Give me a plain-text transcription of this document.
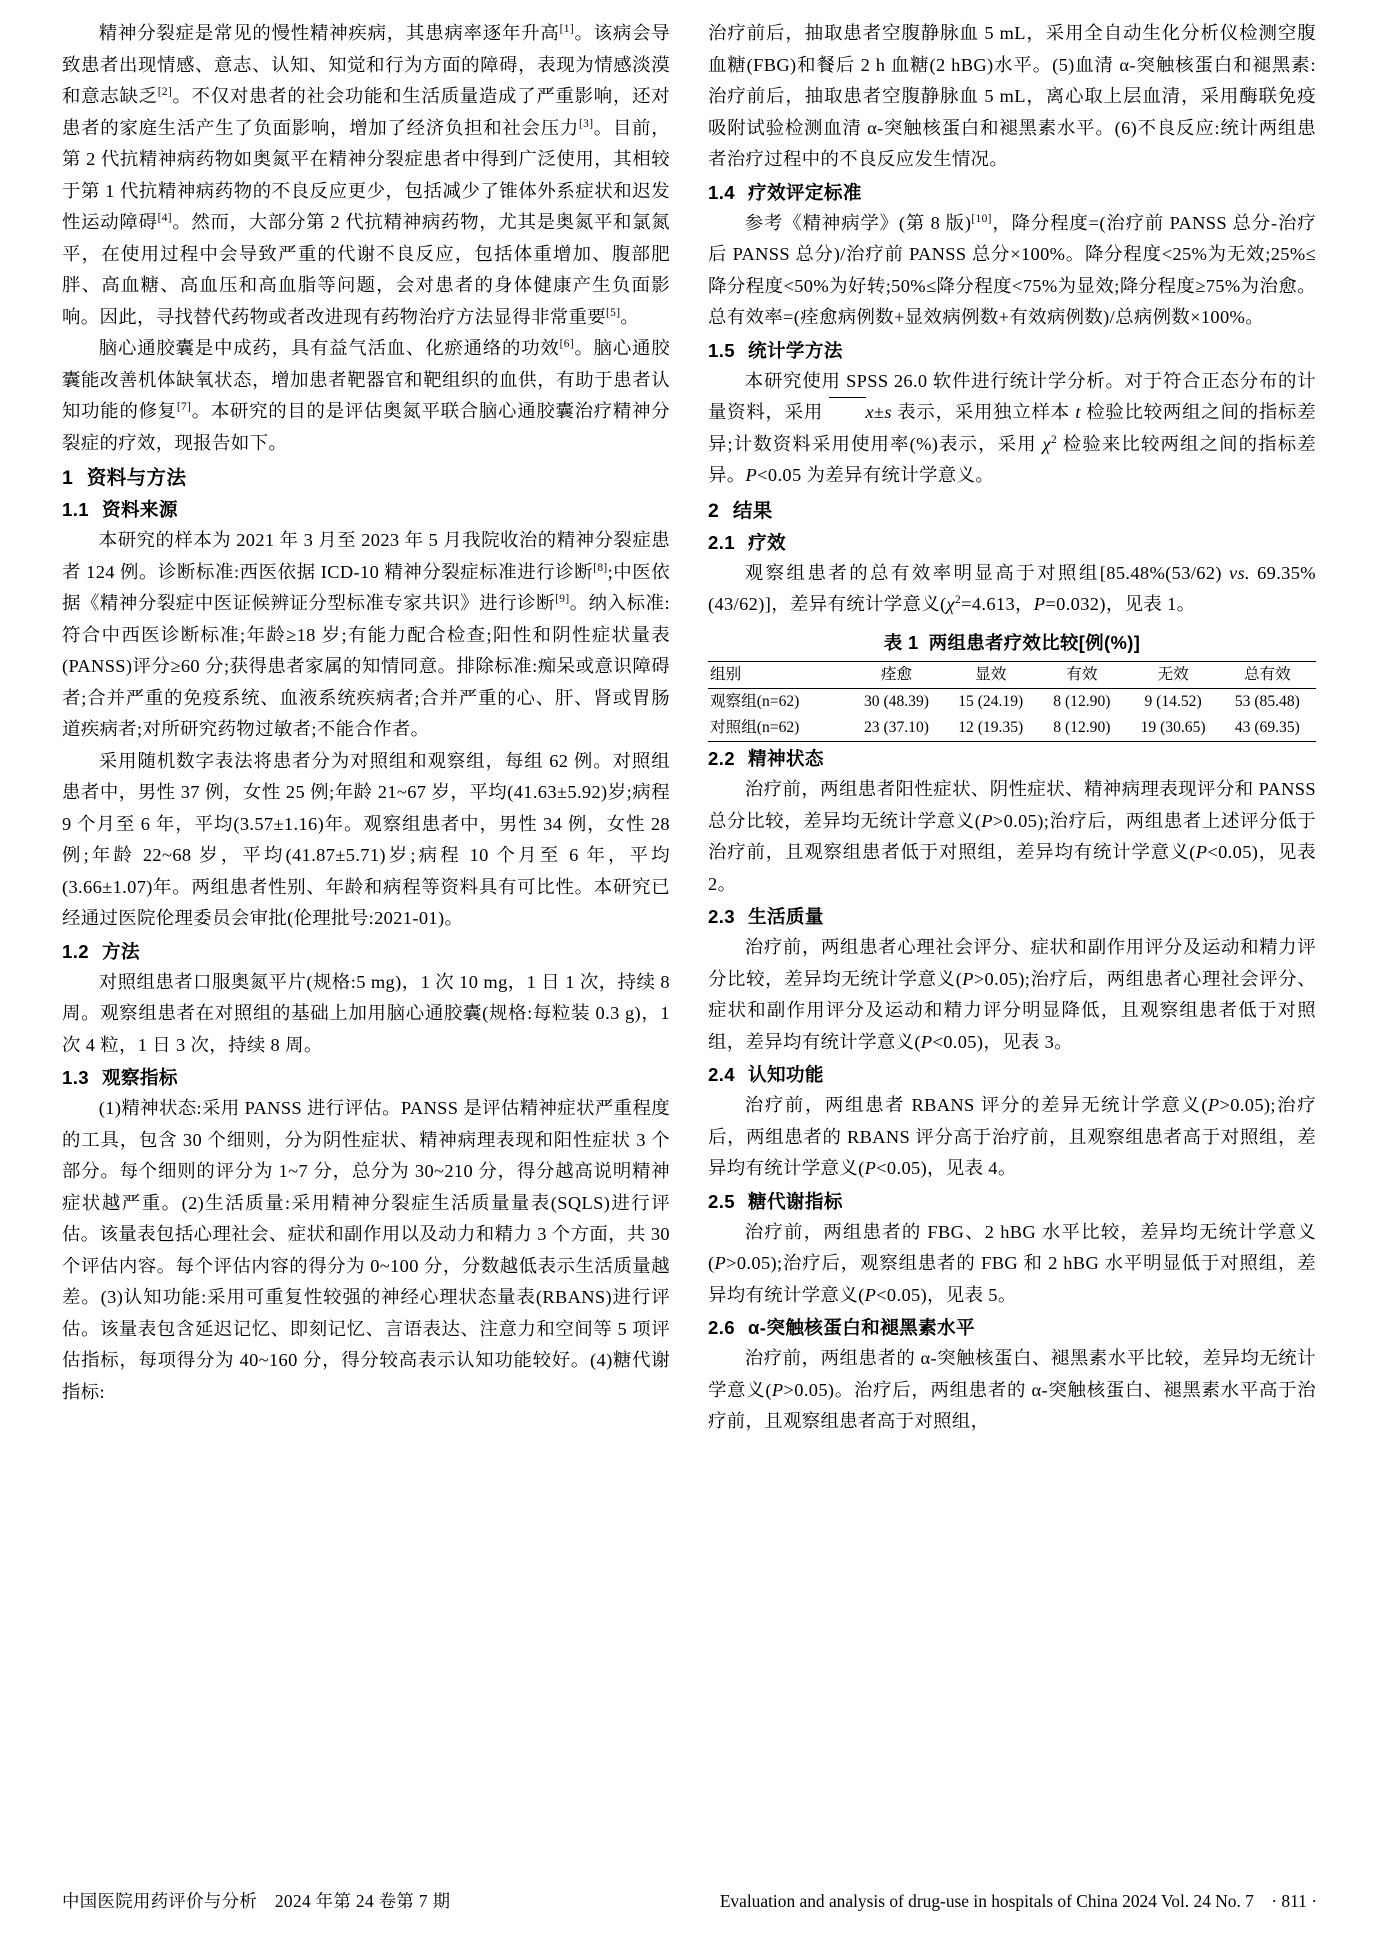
精神分裂症是常见的慢性精神疾病，其患病率逐年升高[1]。该病会导致患者出现情感、意志、认知、知觉和行为方面的障碍，表现为情感淡漠和意志缺乏[2]。不仅对患者的社会功能和生活质量造成了严重影响，还对患者的家庭生活产生了负面影响，增加了经济负担和社会压力[3]。目前，第 2 代抗精神病药物如奥氮平在精神分裂症患者中得到广泛使用，其相较于第 1 代抗精神病药物的不良反应更少，包括减少了锥体外系症状和迟发性运动障碍[4]。然而，大部分第 2 代抗精神病药物，尤其是奥氮平和氯氮平，在使用过程中会导致严重的代谢不良反应，包括体重增加、腹部肥胖、高血糖、高血压和高血脂等问题，会对患者的身体健康产生负面影响。因此，寻找替代药物或者改进现有药物治疗方法显得非常重要[5]。

脑心通胶囊是中成药，具有益气活血、化瘀通络的功效[6]。脑心通胶囊能改善机体缺氧状态，增加患者靶器官和靶组织的血供，有助于患者认知功能的修复[7]。本研究的目的是评估奥氮平联合脑心通胶囊治疗精神分裂症的疗效，现报告如下。

1 资料与方法
1.1 资料来源

本研究的样本为 2021 年 3 月至 2023 年 5 月我院收治的精神分裂症患者 124 例。诊断标准:西医依据 ICD-10 精神分裂症标准进行诊断[8];中医依据《精神分裂症中医证候辨证分型标准专家共识》进行诊断[9]。纳入标准:符合中西医诊断标准;年龄≥18 岁;有能力配合检查;阳性和阴性症状量表(PANSS)评分≥60 分;获得患者家属的知情同意。排除标准:痴呆或意识障碍者;合并严重的免疫系统、血液系统疾病者;合并严重的心、肝、肾或胃肠道疾病者;对所研究药物过敏者;不能合作者。

采用随机数字表法将患者分为对照组和观察组，每组 62 例。对照组患者中，男性 37 例，女性 25 例;年龄 21~67 岁，平均(41.63±5.92)岁;病程 9 个月至 6 年，平均(3.57±1.16)年。观察组患者中，男性 34 例，女性 28 例;年龄 22~68 岁，平均(41.87±5.71)岁;病程 10 个月至 6 年，平均(3.66±1.07)年。两组患者性别、年龄和病程等资料具有可比性。本研究已经通过医院伦理委员会审批(伦理批号:2021-01)。

1.2 方法

对照组患者口服奥氮平片(规格:5 mg)，1 次 10 mg，1 日 1 次，持续 8 周。观察组患者在对照组的基础上加用脑心通胶囊(规格:每粒装 0.3 g)，1 次 4 粒，1 日 3 次，持续 8 周。

1.3 观察指标

(1)精神状态:采用 PANSS 进行评估。PANSS 是评估精神症状严重程度的工具，包含 30 个细则，分为阴性症状、精神病理表现和阳性症状 3 个部分。每个细则的评分为 1~7 分，总分为 30~210 分，得分越高说明精神症状越严重。(2)生活质量:采用精神分裂症生活质量量表(SQLS)进行评估。该量表包括心理社会、症状和副作用以及动力和精力 3 个方面，共 30 个评估内容。每个评估内容的得分为 0~100 分，分数越低表示生活质量越差。(3)认知功能:采用可重复性较强的神经心理状态量表(RBANS)进行评估。该量表包含延迟记忆、即刻记忆、言语表达、注意力和空间等 5 项评估指标，每项得分为 40~160 分，得分较高表示认知功能较好。(4)糖代谢指标:

治疗前后，抽取患者空腹静脉血 5 mL，采用全自动生化分析仪检测空腹血糖(FBG)和餐后 2 h 血糖(2 hBG)水平。(5)血清 α-突触核蛋白和褪黑素:治疗前后，抽取患者空腹静脉血 5 mL，离心取上层血清，采用酶联免疫吸附试验检测血清 α-突触核蛋白和褪黑素水平。(6)不良反应:统计两组患者治疗过程中的不良反应发生情况。

1.4 疗效评定标准

参考《精神病学》(第 8 版)[10]，降分程度=(治疗前 PANSS 总分-治疗后 PANSS 总分)/治疗前 PANSS 总分×100%。降分程度<25%为无效;25%≤降分程度<50%为好转;50%≤降分程度<75%为显效;降分程度≥75%为治愈。总有效率=(痊愈病例数+显效病例数+有效病例数)/总病例数×100%。

1.5 统计学方法

本研究使用 SPSS 26.0 软件进行统计学分析。对于符合正态分布的计量资料，采用 x±s 表示，采用独立样本 t 检验比较两组之间的指标差异;计数资料采用使用率(%)表示，采用 $\chi^2$ 检验来比较两组之间的指标差异。P<0.05 为差异有统计学意义。

2 结果
2.1 疗效

观察组患者的总有效率明显高于对照组[85.48%(53/62) vs. 69.35%(43/62)]，差异有统计学意义($\chi^2=4.613$，P=0.032)，见表 1。

表 1 两组患者疗效比较[例(%)]
组别	痊愈	显效	有效	无效	总有效
观察组(n=62)	30 (48.39)	15 (24.19)	8 (12.90)	9 (14.52)	53 (85.48)
对照组(n=62)	23 (37.10)	12 (19.35)	8 (12.90)	19 (30.65)	43 (69.35)
2.2 精神状态

治疗前，两组患者阳性症状、阴性症状、精神病理表现评分和 PANSS 总分比较，差异均无统计学意义(P>0.05);治疗后，两组患者上述评分低于治疗前，且观察组患者低于对照组，差异均有统计学意义(P<0.05)，见表 2。

2.3 生活质量

治疗前，两组患者心理社会评分、症状和副作用评分及运动和精力评分比较，差异均无统计学意义(P>0.05);治疗后，两组患者心理社会评分、症状和副作用评分及运动和精力评分明显降低，且观察组患者低于对照组，差异均有统计学意义(P<0.05)，见表 3。

2.4 认知功能

治疗前，两组患者 RBANS 评分的差异无统计学意义(P>0.05);治疗后，两组患者的 RBANS 评分高于治疗前，且观察组患者高于对照组，差异均有统计学意义(P<0.05)，见表 4。

2.5 糖代谢指标

治疗前，两组患者的 FBG、2 hBG 水平比较，差异均无统计学意义(P>0.05);治疗后，观察组患者的 FBG 和 2 hBG 水平明显低于对照组，差异均有统计学意义(P<0.05)，见表 5。

2.6 α-突触核蛋白和褪黑素水平

治疗前，两组患者的 α-突触核蛋白、褪黑素水平比较，差异均无统计学意义(P>0.05)。治疗后，两组患者的 α-突触核蛋白、褪黑素水平高于治疗前，且观察组患者高于对照组，

中国医院用药评价与分析　2024 年第 24 卷第 7 期	Evaluation and analysis of drug-use in hospitals of China 2024 Vol. 24 No. 7　· 811 ·
